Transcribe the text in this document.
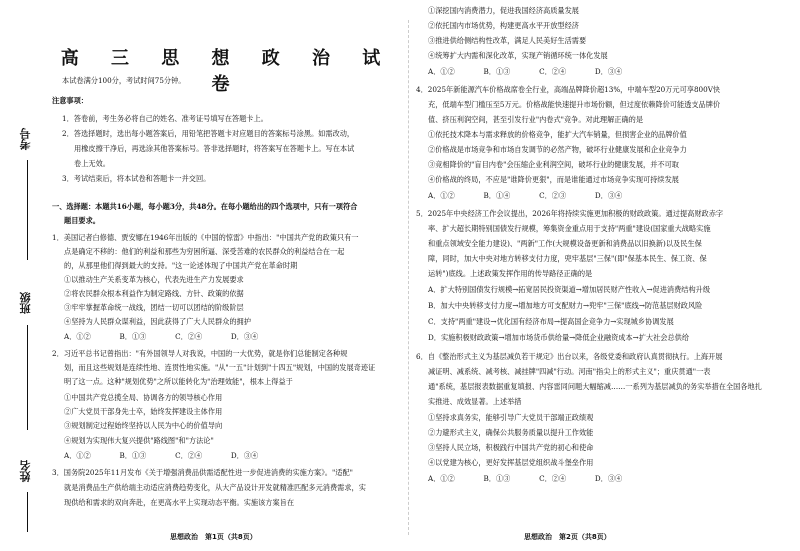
考号
班级
姓名
高 三 思 想 政 治 试 卷
本试卷满分100分，考试时间75分钟。
注意事项：
1．答卷前，考生务必将自己的姓名、准考证号填写在答题卡上。
2．答选择题时，选出每小题答案后，用铅笔把答题卡对应题目的答案标号涂黑。如需改动，
用橡皮擦干净后，再选涂其他答案标号。答非选择题时，将答案写在答题卡上。写在本试
卷上无效。
3．考试结束后，将本试卷和答题卡一并交回。
一、选择题：本题共16小题，每小题3分，共48分。在每小题给出的四个选项中，只有一项符合
题目要求。
1．美国记者白修德、贾安娜在1946年出版的《中国的惊雷》中指出："中国共产党的政策只有一
点是确定不移的：他们的利益和那些为穷困所逼、深受苦难的农民群众的利益结合在一起
的，从那里他们得到最大的支持。"这一论述体现了中国共产党在革命时期
①以推动生产关系变革为核心，代表先进生产力发展要求
②将农民群众根本利益作为制定路线、方针、政策的依据
③牢牢掌握革命统一战线，团结一切可以团结的阶级阶层
④坚持为人民群众谋利益，因此获得了广大人民群众的拥护
A．①②　　　　B．①③　　　　C．②④　　　　D．③④
2．习近平总书记曾指出："有外国领导人对我说，中国的一大优势，就是你们总能制定各种规
划，而且这些规划是连续性地、连贯性地实施。"从"一五"计划到"十四五"规划，中国的发展奇迹证
明了这一点。这种"规划优势"之所以能转化为"治理效能"，根本上得益于
①中国共产党总揽全局、协调各方的领导核心作用
②广大党员干部身先士卒，始终发挥建设主体作用
③规划制定过程始终坚持以人民为中心的价值导向
④规划为实现伟大复兴提供"路线图"和"方法论"
A．①②　　　　B．①③　　　　C．②④　　　　D．③④
3．国务院2025年11月发布《关于增强消费品供需适配性进一步促进消费的实施方案》。"适配"
就是消费品生产供给端主动适应消费趋势变化，从大产品设计开发就精准匹配多元消费需求，实
现供给和需求的双向奔赴，在更高水平上实现动态平衡。实施该方案旨在
思想政治　第1页（共8页）
①深挖国内消费潜力，促进我国经济高质量发展
②依托国内市场优势，构建更高水平开放型经济
③推进供给侧结构性改革，满足人民美好生活需要
④统筹扩大内需和深化改革，实现产销循环统一体化发展
A．①②　　　　B．①③　　　　C．②④　　　　D．③④
4．2025年新能源汽车价格战席卷全行业，高端品牌降价超13%，中端车型20万元可享800V快
充，低端车型门槛压至5万元。价格战能快速提升市场份额，但过度依赖降价可能透支品牌价
值、挤压利润空间，甚至引发行业"内卷式"竞争。对此理解正确的是
①依托技术降本与需求释放的价格竞争，能扩大汽车销量，但损害企业的品牌价值
②价格战是市场竞争和市场自发调节的必然产物，破坏行业健康发展和企业竞争力
③竞相降价的"盲目内卷"会压缩企业利润空间，破坏行业的健康发展，并不可取
④价格战的终局，不应是"谁降价更狠"，而是谁能通过市场竞争实现可持续发展
A．①②　　　　B．①④　　　　C．②③　　　　D．③④
5．2025年中央经济工作会议提出，2026年将持续实施更加积极的财政政策。通过提高财政赤字
率、扩大超长期特别国债发行规模，筹集资金重点用于支持"两重"建设(国家重大战略实施
和重点领域安全能力建设)、"两新"工作(大规模设备更新和消费品以旧换新)以及民生保
障，同时，加大中央对地方转移支付力度，兜牢基层"三保"(即"保基本民生、保工资、保
运转")底线。上述政策发挥作用的传导路径正确的是
A．扩大特别国债发行规模→拓宽居民投资渠道→增加居民财产性收入→促进消费结构升级
B．加大中央转移支付力度→增加地方可支配财力→兜牢"三保"底线→防范基层财政风险
C．支持"两重"建设→优化国有经济布局→提高国企竞争力→实现城乡协调发展
D．实施积极财政政策→增加市场货币供给量→降低企业融资成本→扩大社会总供给
6．自《整治形式主义为基层减负若干规定》出台以来，各级党委和政府认真贯彻执行。上海开展
减证明、减系统、减考核、减挂牌"四减"行动。河南"指尖上的形式主义"；重庆贯通"一表
通"系统，基层报表数据重复填报、内容雷同问题大幅缩减……一系列为基层减负的务实举措在全国各地扎
实推进、成效显著。上述举措
①坚持求真务实，能够引导广大党员干部端正政绩观
②力避形式主义，确保公共服务质量以提升工作效能
③坚持人民立场，积极践行中国共产党的初心和使命
④以党建为核心，更好发挥基层党组织战斗堡垒作用
A．①②　　　　B．①③　　　　C．②④　　　　D．③④
思想政治　第2页（共8页）
